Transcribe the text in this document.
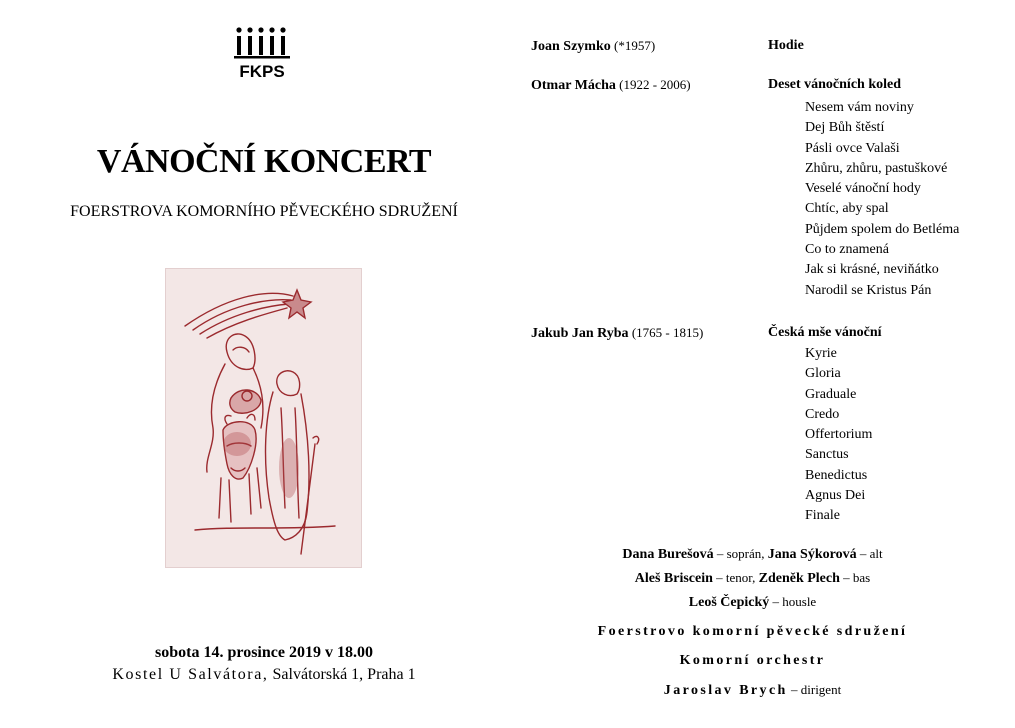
FKPS
VÁNOČNÍ KONCERT
FOERSTROVA KOMORNÍHO PĚVECKÉHO SDRUŽENÍ
sobota 14. prosince 2019 v 18.00
Kostel U Salvátora, Salvátorská 1, Praha 1
Joan Szymko (*1957)	Hodie
Otmar Mácha (1922 - 2006)	Deset vánočních koled
Nesem vám noviny
Dej Bůh štěstí
Pásli ovce Valaši
Zhůru, zhůru, pastuškové
Veselé vánoční hody
Chtíc, aby spal
Půjdem spolem do Betléma
Co to znamená
Jak si krásné, neviňátko
Narodil se Kristus Pán
Jakub Jan Ryba (1765 - 1815)	Česká mše vánoční
Kyrie
Gloria
Graduale
Credo
Offertorium
Sanctus
Benedictus
Agnus Dei
Finale
Dana Burešová – soprán, Jana Sýkorová – alt
Aleš Briscein – tenor, Zdeněk Plech – bas
Leoš Čepický – housle
Foerstrovo komorní pěvecké sdružení
Komorní orchestr
Jaroslav Brych – dirigent
